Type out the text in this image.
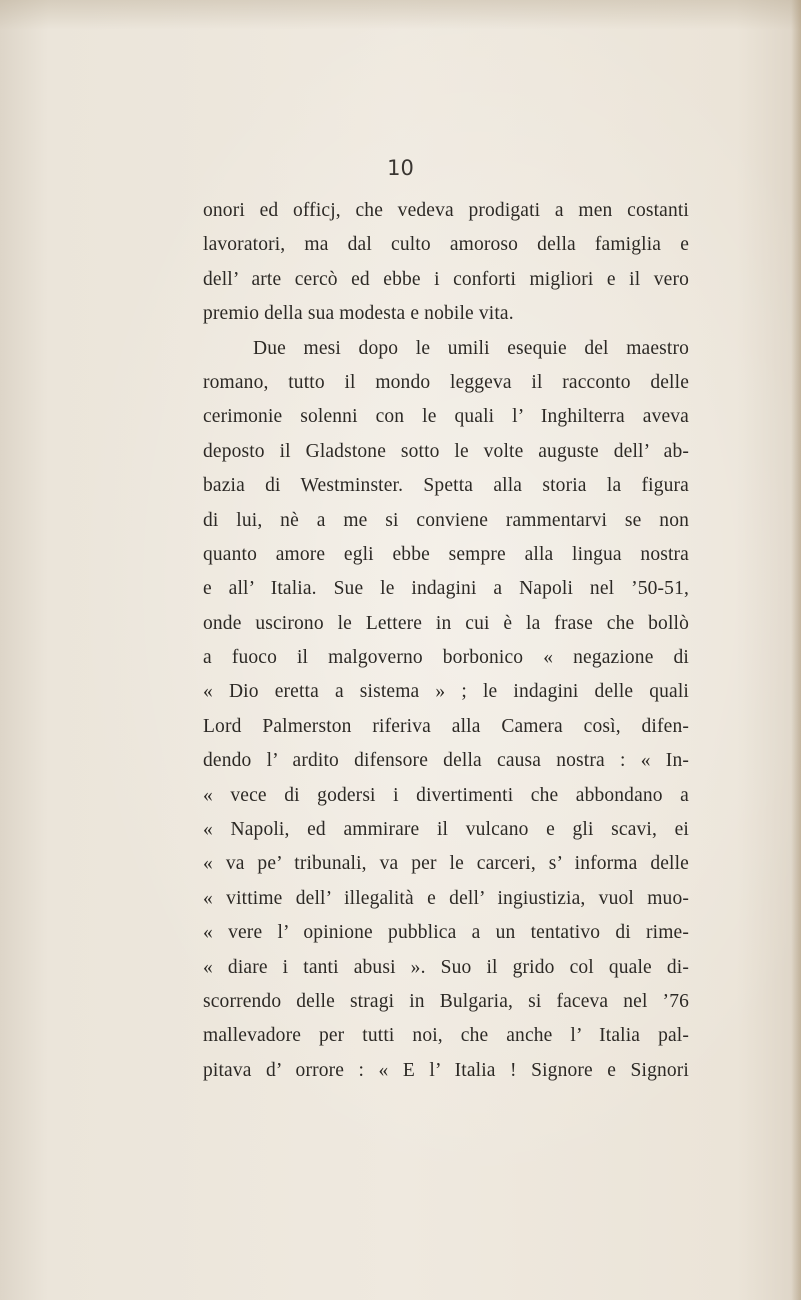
10
onori ed officj, che vedeva prodigati a men costanti
lavoratori, ma dal culto amoroso della famiglia e
dell’ arte cercò ed ebbe i conforti migliori e il vero
premio della sua modesta e nobile vita.
Due mesi dopo le umili esequie del maestro
romano, tutto il mondo leggeva il racconto delle
cerimonie solenni con le quali l’ Inghilterra aveva
deposto il Gladstone sotto le volte auguste dell’ ab-
bazia di Westminster. Spetta alla storia la figura
di lui, nè a me si conviene rammentarvi se non
quanto amore egli ebbe sempre alla lingua nostra
e all’ Italia. Sue le indagini a Napoli nel ’50-51,
onde uscirono le Lettere in cui è la frase che bollò
a fuoco il malgoverno borbonico « negazione di
« Dio eretta a sistema » ; le indagini delle quali
Lord Palmerston riferiva alla Camera così, difen-
dendo l’ ardito difensore della causa nostra : « In-
« vece di godersi i divertimenti che abbondano a
« Napoli, ed ammirare il vulcano e gli scavi, ei
« va pe’ tribunali, va per le carceri, s’ informa delle
« vittime dell’ illegalità e dell’ ingiustizia, vuol muo-
« vere l’ opinione pubblica a un tentativo di rime-
« diare i tanti abusi ». Suo il grido col quale di-
scorrendo delle stragi in Bulgaria, si faceva nel ’76
mallevadore per tutti noi, che anche l’ Italia pal-
pitava d’ orrore : « E l’ Italia ! Signore e Signori
